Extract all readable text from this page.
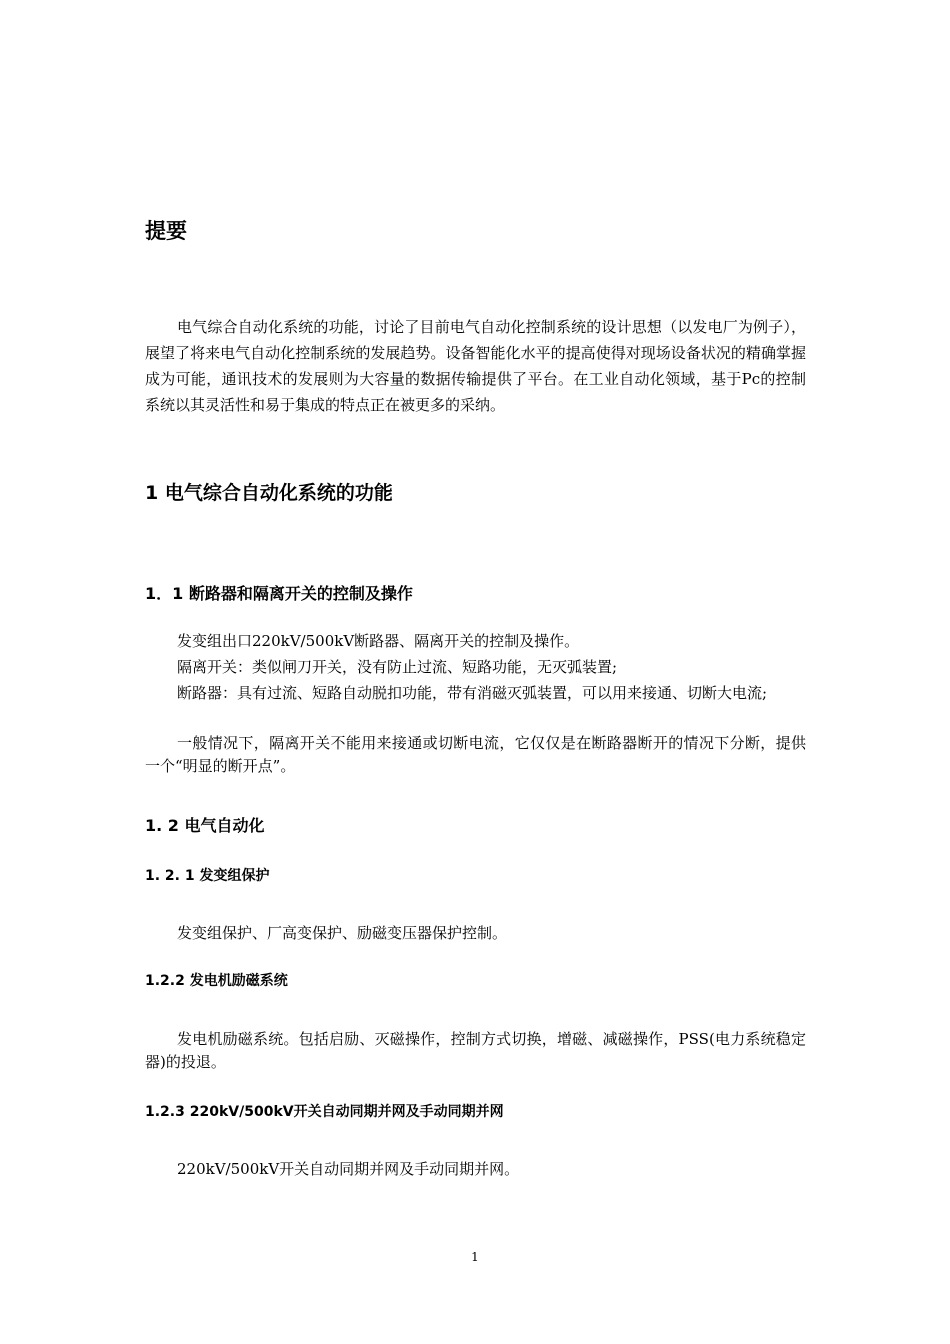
提要

电气综合自动化系统的功能，讨论了目前电气自动化控制系统的设计思想（以发电厂为例子），展望了将来电气自动化控制系统的发展趋势。设备智能化水平的提高使得对现场设备状况的精确掌握成为可能，通讯技术的发展则为大容量的数据传输提供了平台。在工业自动化领域，基于Pc的控制系统以其灵活性和易于集成的特点正在被更多的采纳。

1 电气综合自动化系统的功能
1．1 断路器和隔离开关的控制及操作

发变组出口220kV/500kV断路器、隔离开关的控制及操作。

隔离开关：类似闸刀开关，没有防止过流、短路功能，无灭弧装置;

断路器：具有过流、短路自动脱扣功能，带有消磁灭弧装置，可以用来接通、切断大电流;

一般情况下，隔离开关不能用来接通或切断电流，它仅仅是在断路器断开的情况下分断，提供一个“明显的断开点”。

1. 2 电气自动化
1. 2. 1 发变组保护

发变组保护、厂高变保护、励磁变压器保护控制。

1.2.2 发电机励磁系统

发电机励磁系统。包括启励、灭磁操作，控制方式切换，增磁、减磁操作，PSS(电力系统稳定器)的投退。

1.2.3 220kV/500kV开关自动同期并网及手动同期并网

220kV/500kV开关自动同期并网及手动同期并网。

1
